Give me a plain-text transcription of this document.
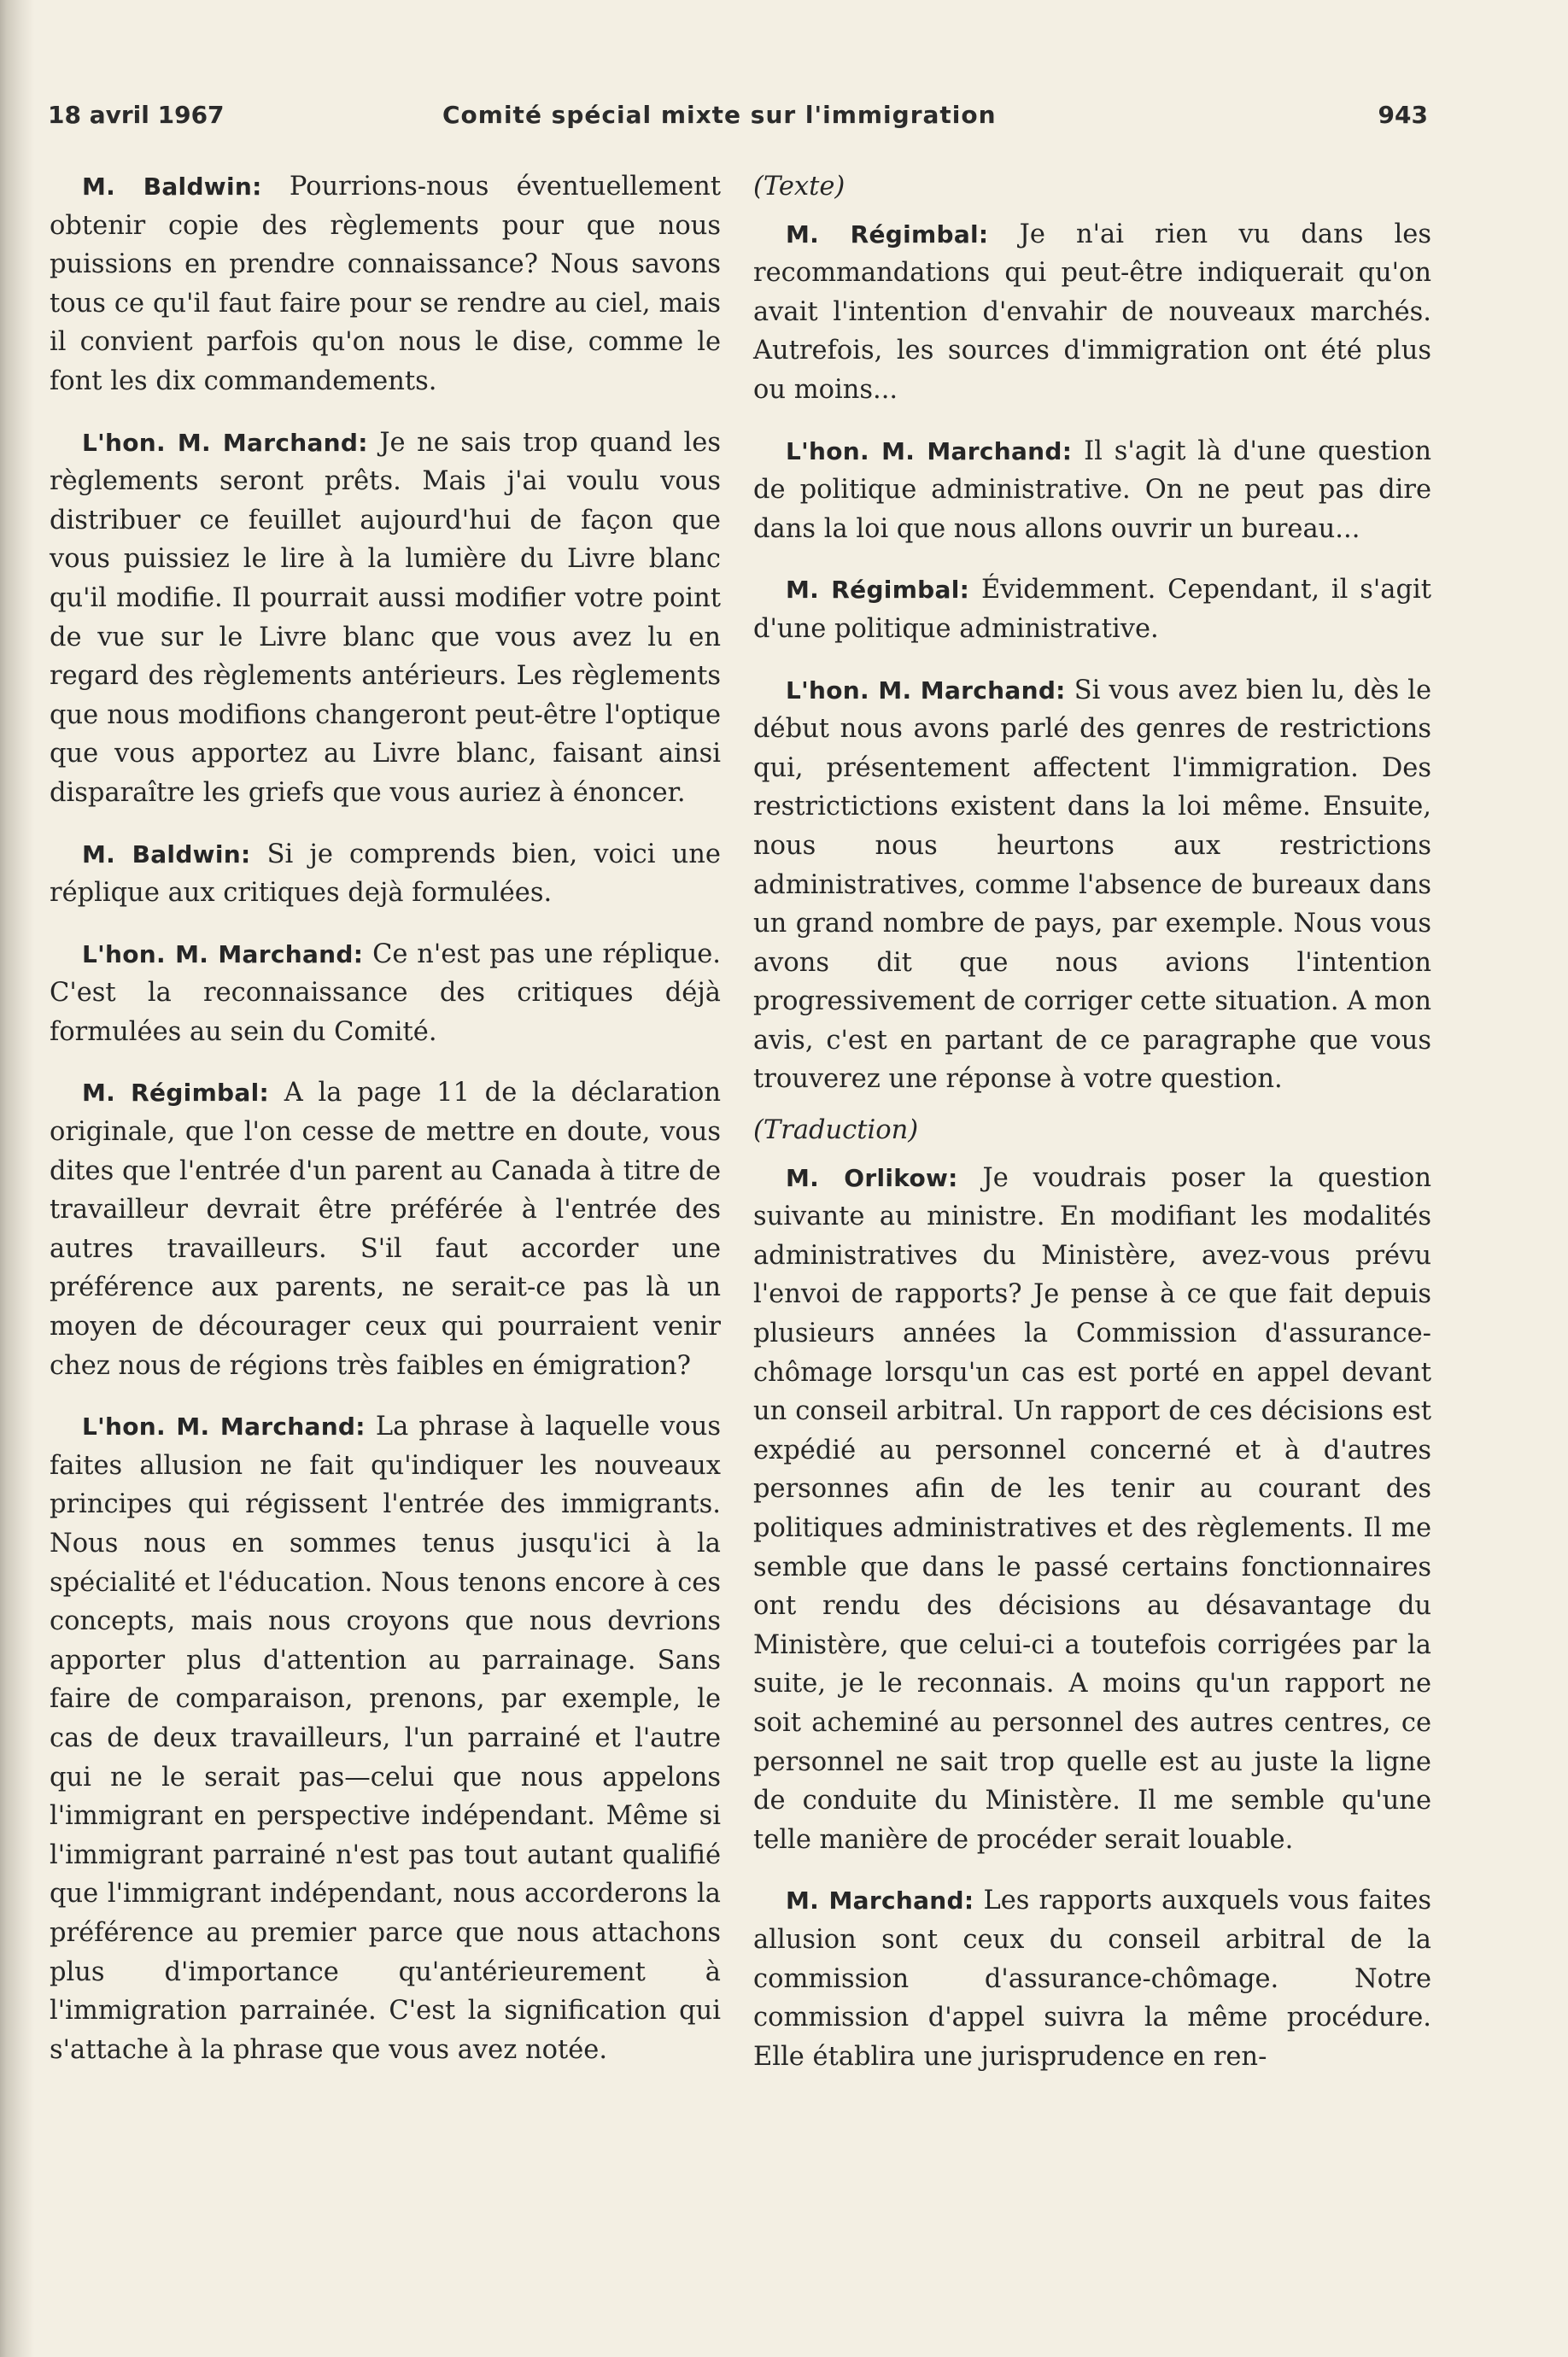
18 avril 1967	Comité spécial mixte sur l'immigration	943

M. Baldwin: Pourrions-nous éventuellement obtenir copie des règlements pour que nous puissions en prendre connaissance? Nous savons tous ce qu'il faut faire pour se rendre au ciel, mais il convient parfois qu'on nous le dise, comme le font les dix commandements.

L'hon. M. Marchand: Je ne sais trop quand les règlements seront prêts. Mais j'ai voulu vous distribuer ce feuillet aujourd'hui de façon que vous puissiez le lire à la lumière du Livre blanc qu'il modifie. Il pourrait aussi modifier votre point de vue sur le Livre blanc que vous avez lu en regard des règlements antérieurs. Les règlements que nous modifions changeront peut-être l'optique que vous apportez au Livre blanc, faisant ainsi disparaître les griefs que vous auriez à énoncer.

M. Baldwin: Si je comprends bien, voici une réplique aux critiques dejà formulées.

L'hon. M. Marchand: Ce n'est pas une réplique. C'est la reconnaissance des critiques déjà formulées au sein du Comité.

M. Régimbal: A la page 11 de la déclaration originale, que l'on cesse de mettre en doute, vous dites que l'entrée d'un parent au Canada à titre de travailleur devrait être préférée à l'entrée des autres travailleurs. S'il faut accorder une préférence aux parents, ne serait-ce pas là un moyen de décourager ceux qui pourraient venir chez nous de régions très faibles en émigration?

L'hon. M. Marchand: La phrase à laquelle vous faites allusion ne fait qu'indiquer les nouveaux principes qui régissent l'entrée des immigrants. Nous nous en sommes tenus jusqu'ici à la spécialité et l'éducation. Nous tenons encore à ces concepts, mais nous croyons que nous devrions apporter plus d'attention au parrainage. Sans faire de comparaison, prenons, par exemple, le cas de deux travailleurs, l'un parrainé et l'autre qui ne le serait pas—celui que nous appelons l'immigrant en perspective indépendant. Même si l'immigrant parrainé n'est pas tout autant qualifié que l'immigrant indépendant, nous accorderons la préférence au premier parce que nous attachons plus d'importance qu'antérieurement à l'immigration parrainée. C'est la signification qui s'attache à la phrase que vous avez notée.

(Texte)

M. Régimbal: Je n'ai rien vu dans les recommandations qui peut-être indiquerait qu'on avait l'intention d'envahir de nouveaux marchés. Autrefois, les sources d'immigration ont été plus ou moins...

L'hon. M. Marchand: Il s'agit là d'une question de politique administrative. On ne peut pas dire dans la loi que nous allons ouvrir un bureau...

M. Régimbal: Évidemment. Cependant, il s'agit d'une politique administrative.

L'hon. M. Marchand: Si vous avez bien lu, dès le début nous avons parlé des genres de restrictions qui, présentement affectent l'immigration. Des restrictictions existent dans la loi même. Ensuite, nous nous heurtons aux restrictions administratives, comme l'absence de bureaux dans un grand nombre de pays, par exemple. Nous vous avons dit que nous avions l'intention progressivement de corriger cette situation. A mon avis, c'est en partant de ce paragraphe que vous trouverez une réponse à votre question.

(Traduction)

M. Orlikow: Je voudrais poser la question suivante au ministre. En modifiant les modalités administratives du Ministère, avez-vous prévu l'envoi de rapports? Je pense à ce que fait depuis plusieurs années la Commission d'assurance-chômage lorsqu'un cas est porté en appel devant un conseil arbitral. Un rapport de ces décisions est expédié au personnel concerné et à d'autres personnes afin de les tenir au courant des politiques administratives et des règlements. Il me semble que dans le passé certains fonctionnaires ont rendu des décisions au désavantage du Ministère, que celui-ci a toutefois corrigées par la suite, je le reconnais. A moins qu'un rapport ne soit acheminé au personnel des autres centres, ce personnel ne sait trop quelle est au juste la ligne de conduite du Ministère. Il me semble qu'une telle manière de procéder serait louable.

M. Marchand: Les rapports auxquels vous faites allusion sont ceux du conseil arbitral de la commission d'assurance-chômage. Notre commission d'appel suivra la même procédure. Elle établira une jurisprudence en ren-
